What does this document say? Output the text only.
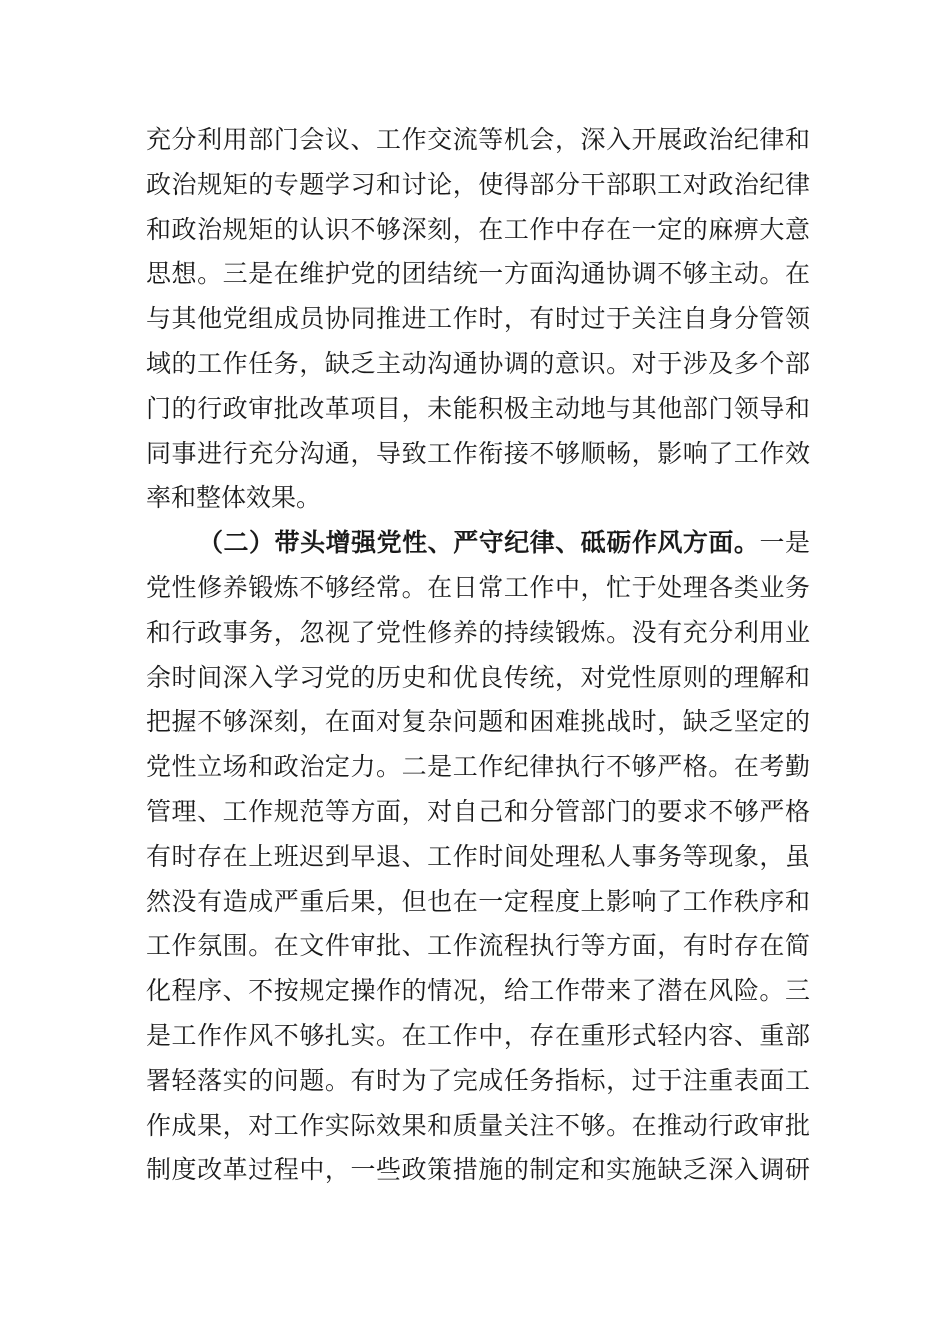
充分利用部门会议、工作交流等机会，深入开展政治纪律和
政治规矩的专题学习和讨论，使得部分干部职工对政治纪律
和政治规矩的认识不够深刻，在工作中存在一定的麻痹大意
思想。三是在维护党的团结统一方面沟通协调不够主动。在
与其他党组成员协同推进工作时，有时过于关注自身分管领
域的工作任务，缺乏主动沟通协调的意识。对于涉及多个部
门的行政审批改革项目，未能积极主动地与其他部门领导和
同事进行充分沟通，导致工作衔接不够顺畅，影响了工作效
率和整体效果。
（二）带头增强党性、严守纪律、砥砺作风方面。一是
党性修养锻炼不够经常。在日常工作中，忙于处理各类业务
和行政事务，忽视了党性修养的持续锻炼。没有充分利用业
余时间深入学习党的历史和优良传统，对党性原则的理解和
把握不够深刻，在面对复杂问题和困难挑战时，缺乏坚定的
党性立场和政治定力。二是工作纪律执行不够严格。在考勤
管理、工作规范等方面，对自己和分管部门的要求不够严格
有时存在上班迟到早退、工作时间处理私人事务等现象，虽
然没有造成严重后果，但也在一定程度上影响了工作秩序和
工作氛围。在文件审批、工作流程执行等方面，有时存在简
化程序、不按规定操作的情况，给工作带来了潜在风险。三
是工作作风不够扎实。在工作中，存在重形式轻内容、重部
署轻落实的问题。有时为了完成任务指标，过于注重表面工
作成果，对工作实际效果和质量关注不够。在推动行政审批
制度改革过程中，一些政策措施的制定和实施缺乏深入调研
